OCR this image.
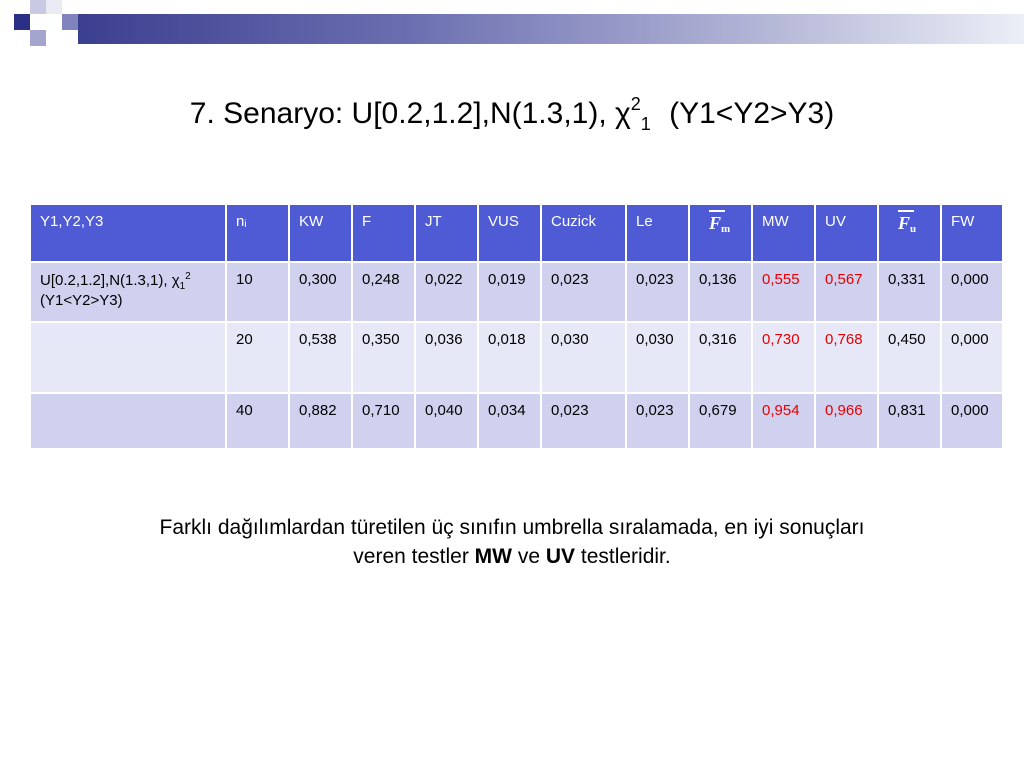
7. Senaryo: U[0.2,1.2],N(1.3,1), $\chi^2_1$ (Y1<Y2>Y3)
Y1,Y2,Y3	ni	KW	F	JT	VUS	Cuzick	Le	Fm	MW	UV	Fu	FW
U[0.2,1.2],N(1.3,1), $\chi_1^2$
(Y1<Y2>Y3)	10	0,300	0,248	0,022	0,019	0,023	0,023	0,136	0,555	0,567	0,331	0,000
	20	0,538	0,350	0,036	0,018	0,030	0,030	0,316	0,730	0,768	0,450	0,000
	40	0,882	0,710	0,040	0,034	0,023	0,023	0,679	0,954	0,966	0,831	0,000
Farklı dağılımlardan türetilen üç sınıfın umbrella sıralamada, en iyi sonuçları
veren testler MW ve UV testleridir.
